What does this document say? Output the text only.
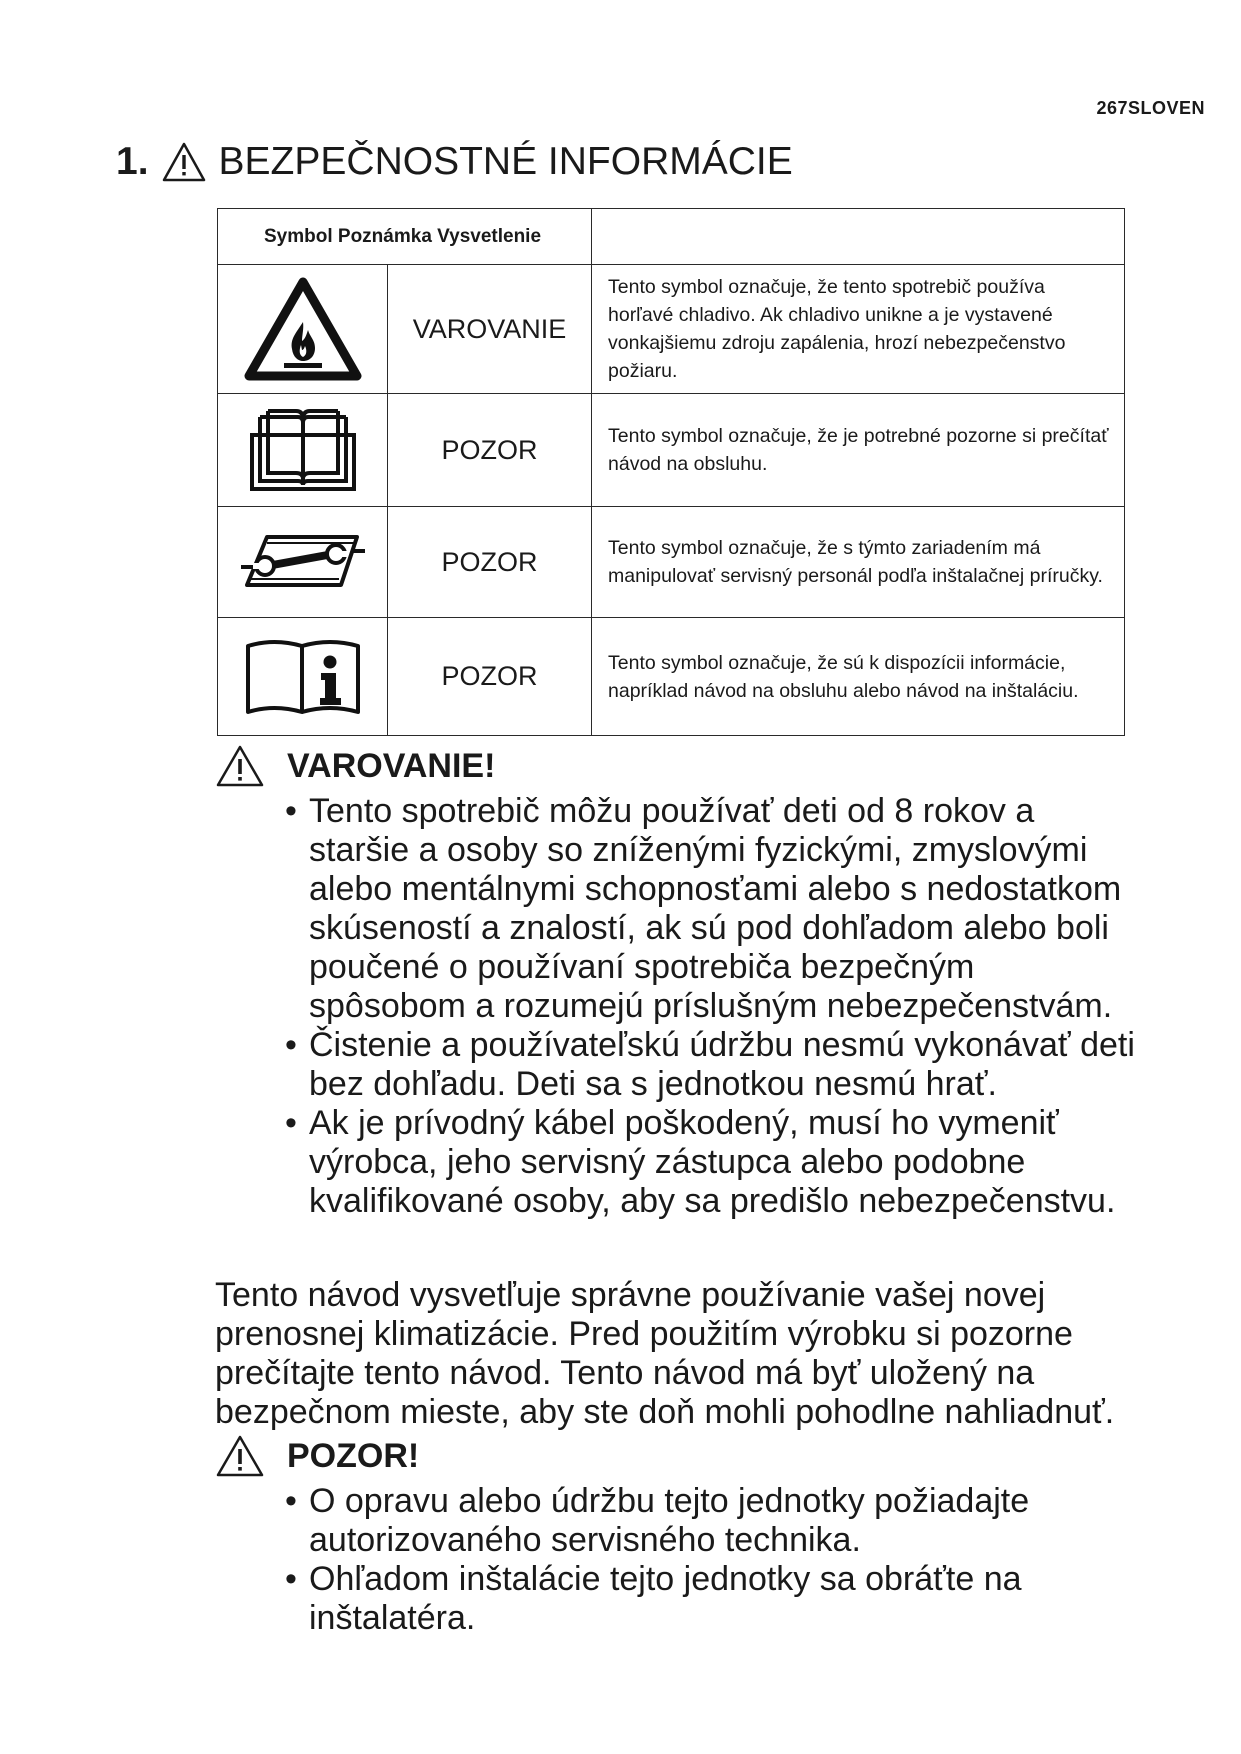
267SLOVEN
1. BEZPEČNOSTNÉ INFORMÁCIE
Symbol Poznámka Vysvetlenie		

	VAROVANIE	Tento symbol označuje, že tento spotrebič používa horľavé chladivo. Ak chladivo unikne a je vystavené vonkajšiemu zdroju zapálenia, hrozí nebezpečenstvo požiaru.

	POZOR	Tento symbol označuje, že je potrebné pozorne si prečítať návod na obsluhu.

	POZOR	Tento symbol označuje, že s týmto zariadením má manipulovať servisný personál podľa inštalačnej príručky.

	POZOR	Tento symbol označuje, že sú k dispozícii informácie, napríklad návod na obsluhu alebo návod na inštaláciu.
VAROVANIE!
• Tento spotrebič môžu používať deti od 8 rokov a staršie a osoby so zníženými fyzickými, zmyslovými alebo mentálnymi schopnosťami alebo s nedostatkom skúseností a znalostí, ak sú pod dohľadom alebo boli poučené o používaní spotrebiča bezpečným spôsobom a rozumejú príslušným nebezpečenstvám.
• Čistenie a používateľskú údržbu nesmú vykonávať deti bez dohľadu. Deti sa s jednotkou nesmú hrať.
• Ak je prívodný kábel poškodený, musí ho vymeniť výrobca, jeho servisný zástupca alebo podobne kvalifikované osoby, aby sa predišlo nebezpečenstvu.
Tento návod vysvetľuje správne používanie vašej novej prenosnej klimatizácie. Pred použitím výrobku si pozorne prečítajte tento návod. Tento návod má byť uložený na bezpečnom mieste, aby ste doň mohli pohodlne nahliadnuť.
POZOR!
• O opravu alebo údržbu tejto jednotky požiadajte autorizovaného servisného technika.
• Ohľadom inštalácie tejto jednotky sa obráťte na inštalatéra.
